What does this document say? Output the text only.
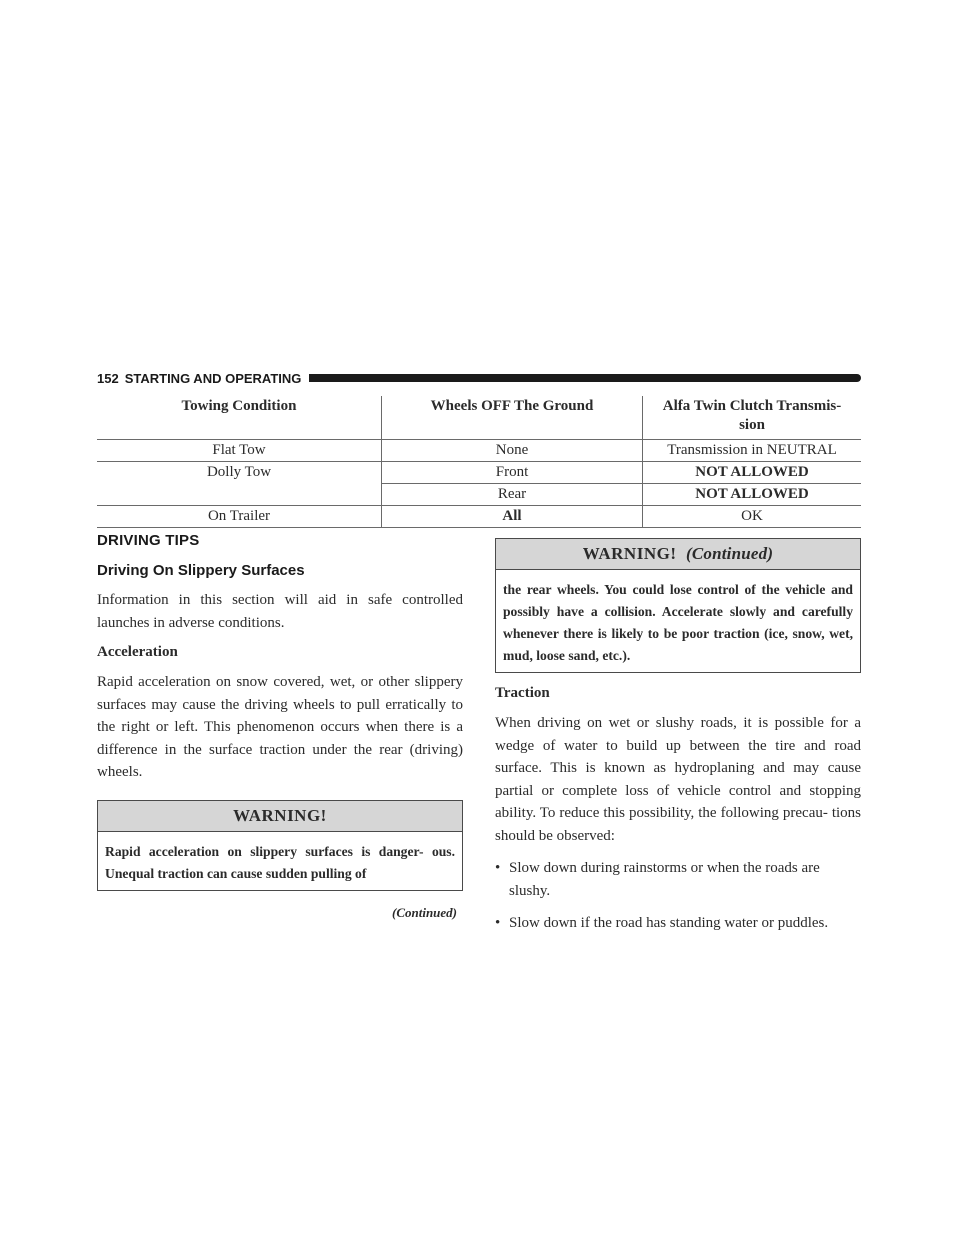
152 STARTING AND OPERATING
Towing Condition	Wheels OFF The Ground	Alfa Twin Clutch Transmis-
sion
Flat Tow	None	Transmission in NEUTRAL
Dolly Tow	Front	NOT ALLOWED
	Rear	NOT ALLOWED
On Trailer	All	OK
DRIVING TIPS
Driving On Slippery Surfaces

Information in this section will aid in safe controlled launches in adverse conditions.

Acceleration

Rapid acceleration on snow covered, wet, or other slippery surfaces may cause the driving wheels to pull erratically to the right or left. This phenomenon occurs when there is a difference in the surface traction under the rear (driving) wheels.

WARNING!
Rapid acceleration on slippery surfaces is danger- ous. Unequal traction can cause sudden pulling of
(Continued)
WARNING! (Continued)
the rear wheels. You could lose control of the vehicle and possibly have a collision. Accelerate slowly and carefully whenever there is likely to be poor traction (ice, snow, wet, mud, loose sand, etc.).
Traction

When driving on wet or slushy roads, it is possible for a wedge of water to build up between the tire and road surface. This is known as hydroplaning and may cause partial or complete loss of vehicle control and stopping ability. To reduce this possibility, the following precau- tions should be observed:

• Slow down during rainstorms or when the roads are slushy.
• Slow down if the road has standing water or puddles.
